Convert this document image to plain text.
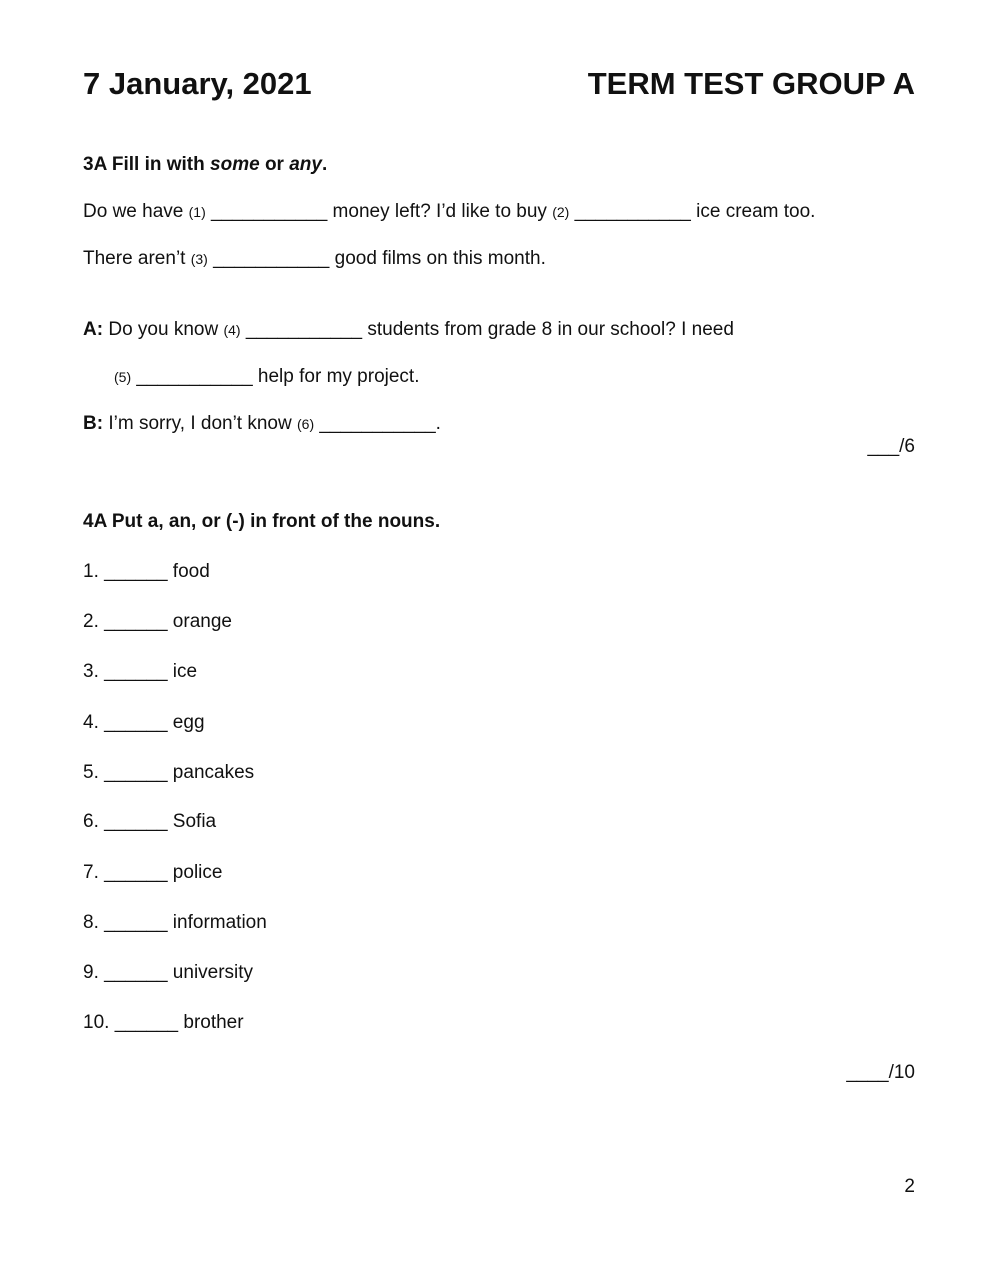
7 January, 2021	TERM TEST GROUP A
3A Fill in with some or any.
Do we have (1) ___________ money left? I’d like to buy (2) ___________ ice cream too.
There aren’t (3) ___________ good films on this month.
A: Do you know (4) ___________ students from grade 8 in our school? I need
(5) ___________ help for my project.
B: I’m sorry, I don’t know (6) ___________.
___/6
4A Put a, an, or (-) in front of the nouns.
1. ______ food
2. ______ orange
3. ______ ice
4. ______ egg
5. ______ pancakes
6. ______ Sofia
7. ______ police
8. ______ information
9. ______ university
10. ______ brother
____/10
2
